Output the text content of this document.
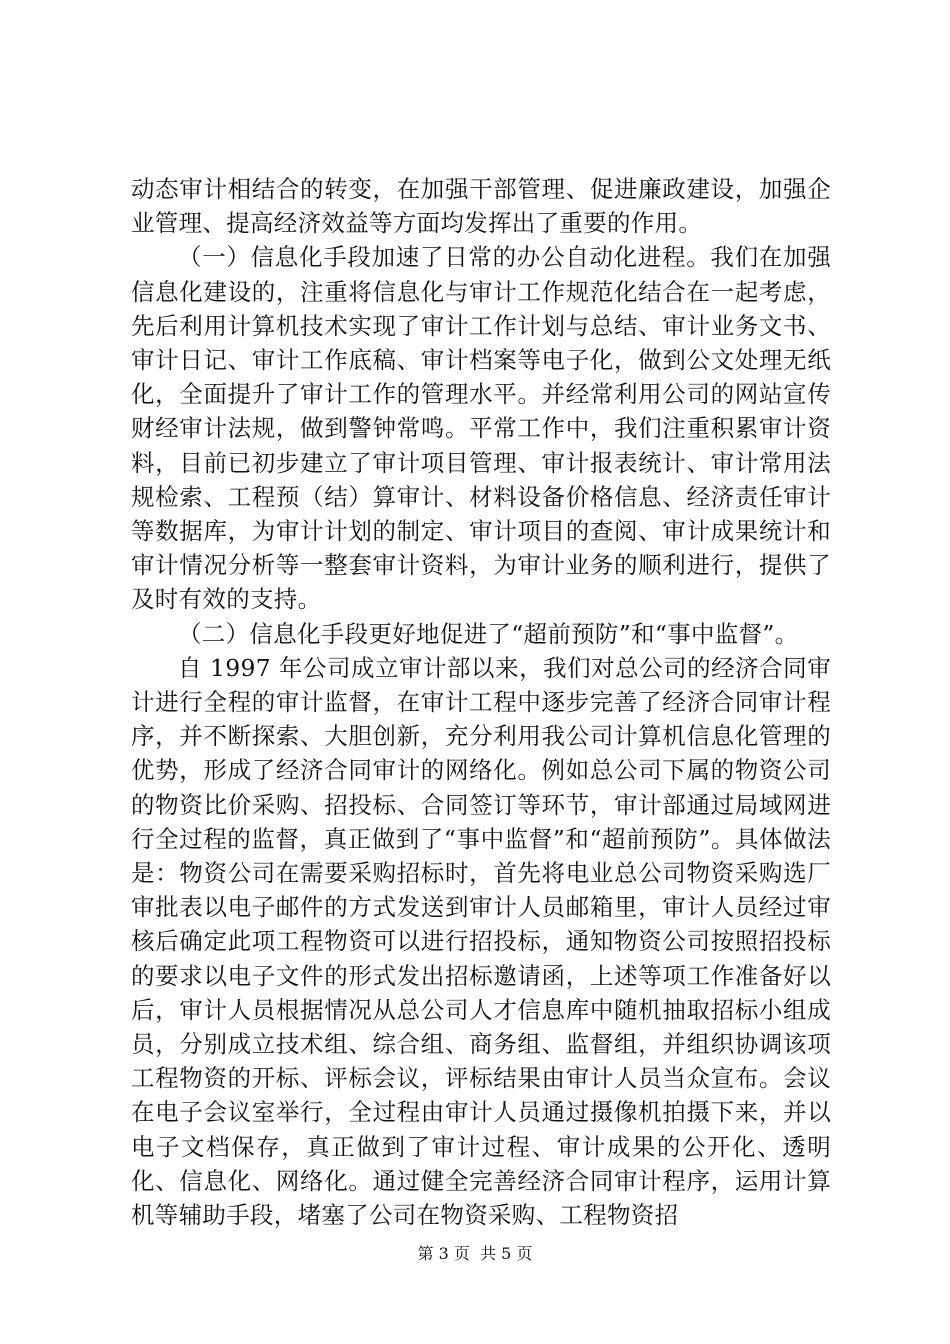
动态审计相结合的转变，在加强干部管理、促进廉政建设，加强企业管理、提高经济效益等方面均发挥出了重要的作用。

（一）信息化手段加速了日常的办公自动化进程。我们在加强信息化建设的，注重将信息化与审计工作规范化结合在一起考虑，先后利用计算机技术实现了审计工作计划与总结、审计业务文书、审计日记、审计工作底稿、审计档案等电子化，做到公文处理无纸化，全面提升了审计工作的管理水平。并经常利用公司的网站宣传财经审计法规，做到警钟常鸣。平常工作中，我们注重积累审计资料，目前已初步建立了审计项目管理、审计报表统计、审计常用法规检索、工程预（结）算审计、材料设备价格信息、经济责任审计等数据库，为审计计划的制定、审计项目的查阅、审计成果统计和审计情况分析等一整套审计资料，为审计业务的顺利进行，提供了及时有效的支持。

（二）信息化手段更好地促进了“超前预防”和“事中监督”。

自 1997 年公司成立审计部以来，我们对总公司的经济合同审计进行全程的审计监督，在审计工程中逐步完善了经济合同审计程序，并不断探索、大胆创新，充分利用我公司计算机信息化管理的优势，形成了经济合同审计的网络化。例如总公司下属的物资公司的物资比价采购、招投标、合同签订等环节，审计部通过局域网进行全过程的监督，真正做到了“事中监督”和“超前预防”。具体做法是：物资公司在需要采购招标时，首先将电业总公司物资采购选厂审批表以电子邮件的方式发送到审计人员邮箱里，审计人员经过审核后确定此项工程物资可以进行招投标，通知物资公司按照招投标的要求以电子文件的形式发出招标邀请函，上述等项工作准备好以后，审计人员根据情况从总公司人才信息库中随机抽取招标小组成员，分别成立技术组、综合组、商务组、监督组，并组织协调该项工程物资的开标、评标会议，评标结果由审计人员当众宣布。会议在电子会议室举行，全过程由审计人员通过摄像机拍摄下来，并以电子文档保存，真正做到了审计过程、审计成果的公开化、透明化、信息化、网络化。通过健全完善经济合同审计程序，运用计算机等辅助手段，堵塞了公司在物资采购、工程物资招

第 3 页  共 5 页
